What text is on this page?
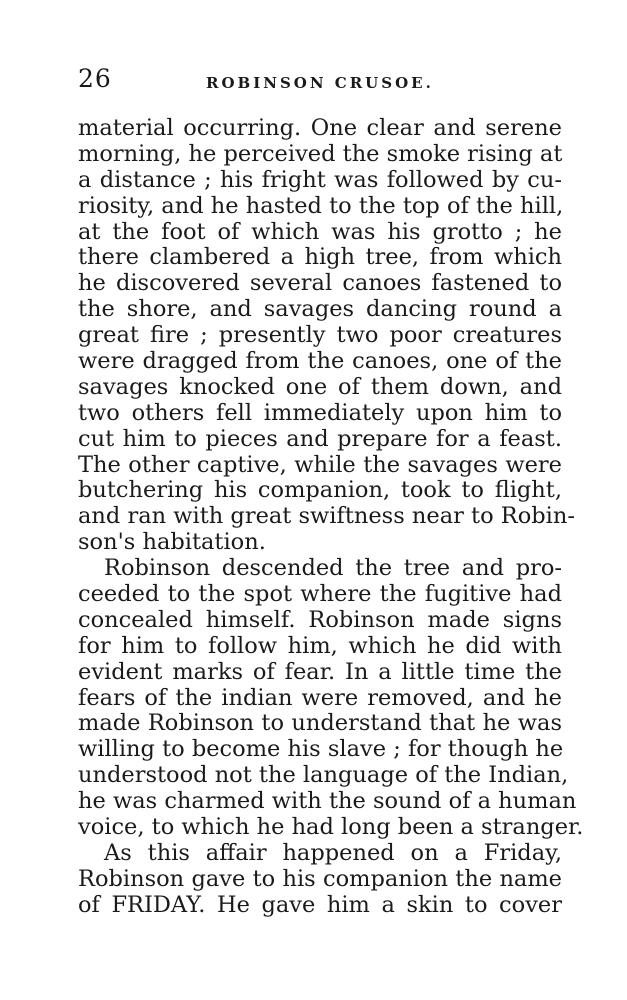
26	ROBINSON CRUSOE.
material occurring. One clear and serene
morning, he perceived the smoke rising at
a distance ; his fright was followed by cu-
riosity, and he hasted to the top of the hill,
at the foot of which was his grotto ; he
there clambered a high tree, from which
he discovered several canoes fastened to
the shore, and savages dancing round a
great fire ; presently two poor creatures
were dragged from the canoes, one of the
savages knocked one of them down, and
two others fell immediately upon him to
cut him to pieces and prepare for a feast.
The other captive, while the savages were
butchering his companion, took to flight,
and ran with great swiftness near to Robin-
son's habitation.
Robinson descended the tree and pro-
ceeded to the spot where the fugitive had
concealed himself. Robinson made signs
for him to follow him, which he did with
evident marks of fear. In a little time the
fears of the indian were removed, and he
made Robinson to understand that he was
willing to become his slave ; for though he
understood not the language of the Indian,
he was charmed with the sound of a human
voice, to which he had long been a stranger.
As this affair happened on a Friday,
Robinson gave to his companion the name
of FRIDAY. He gave him a skin to cover
